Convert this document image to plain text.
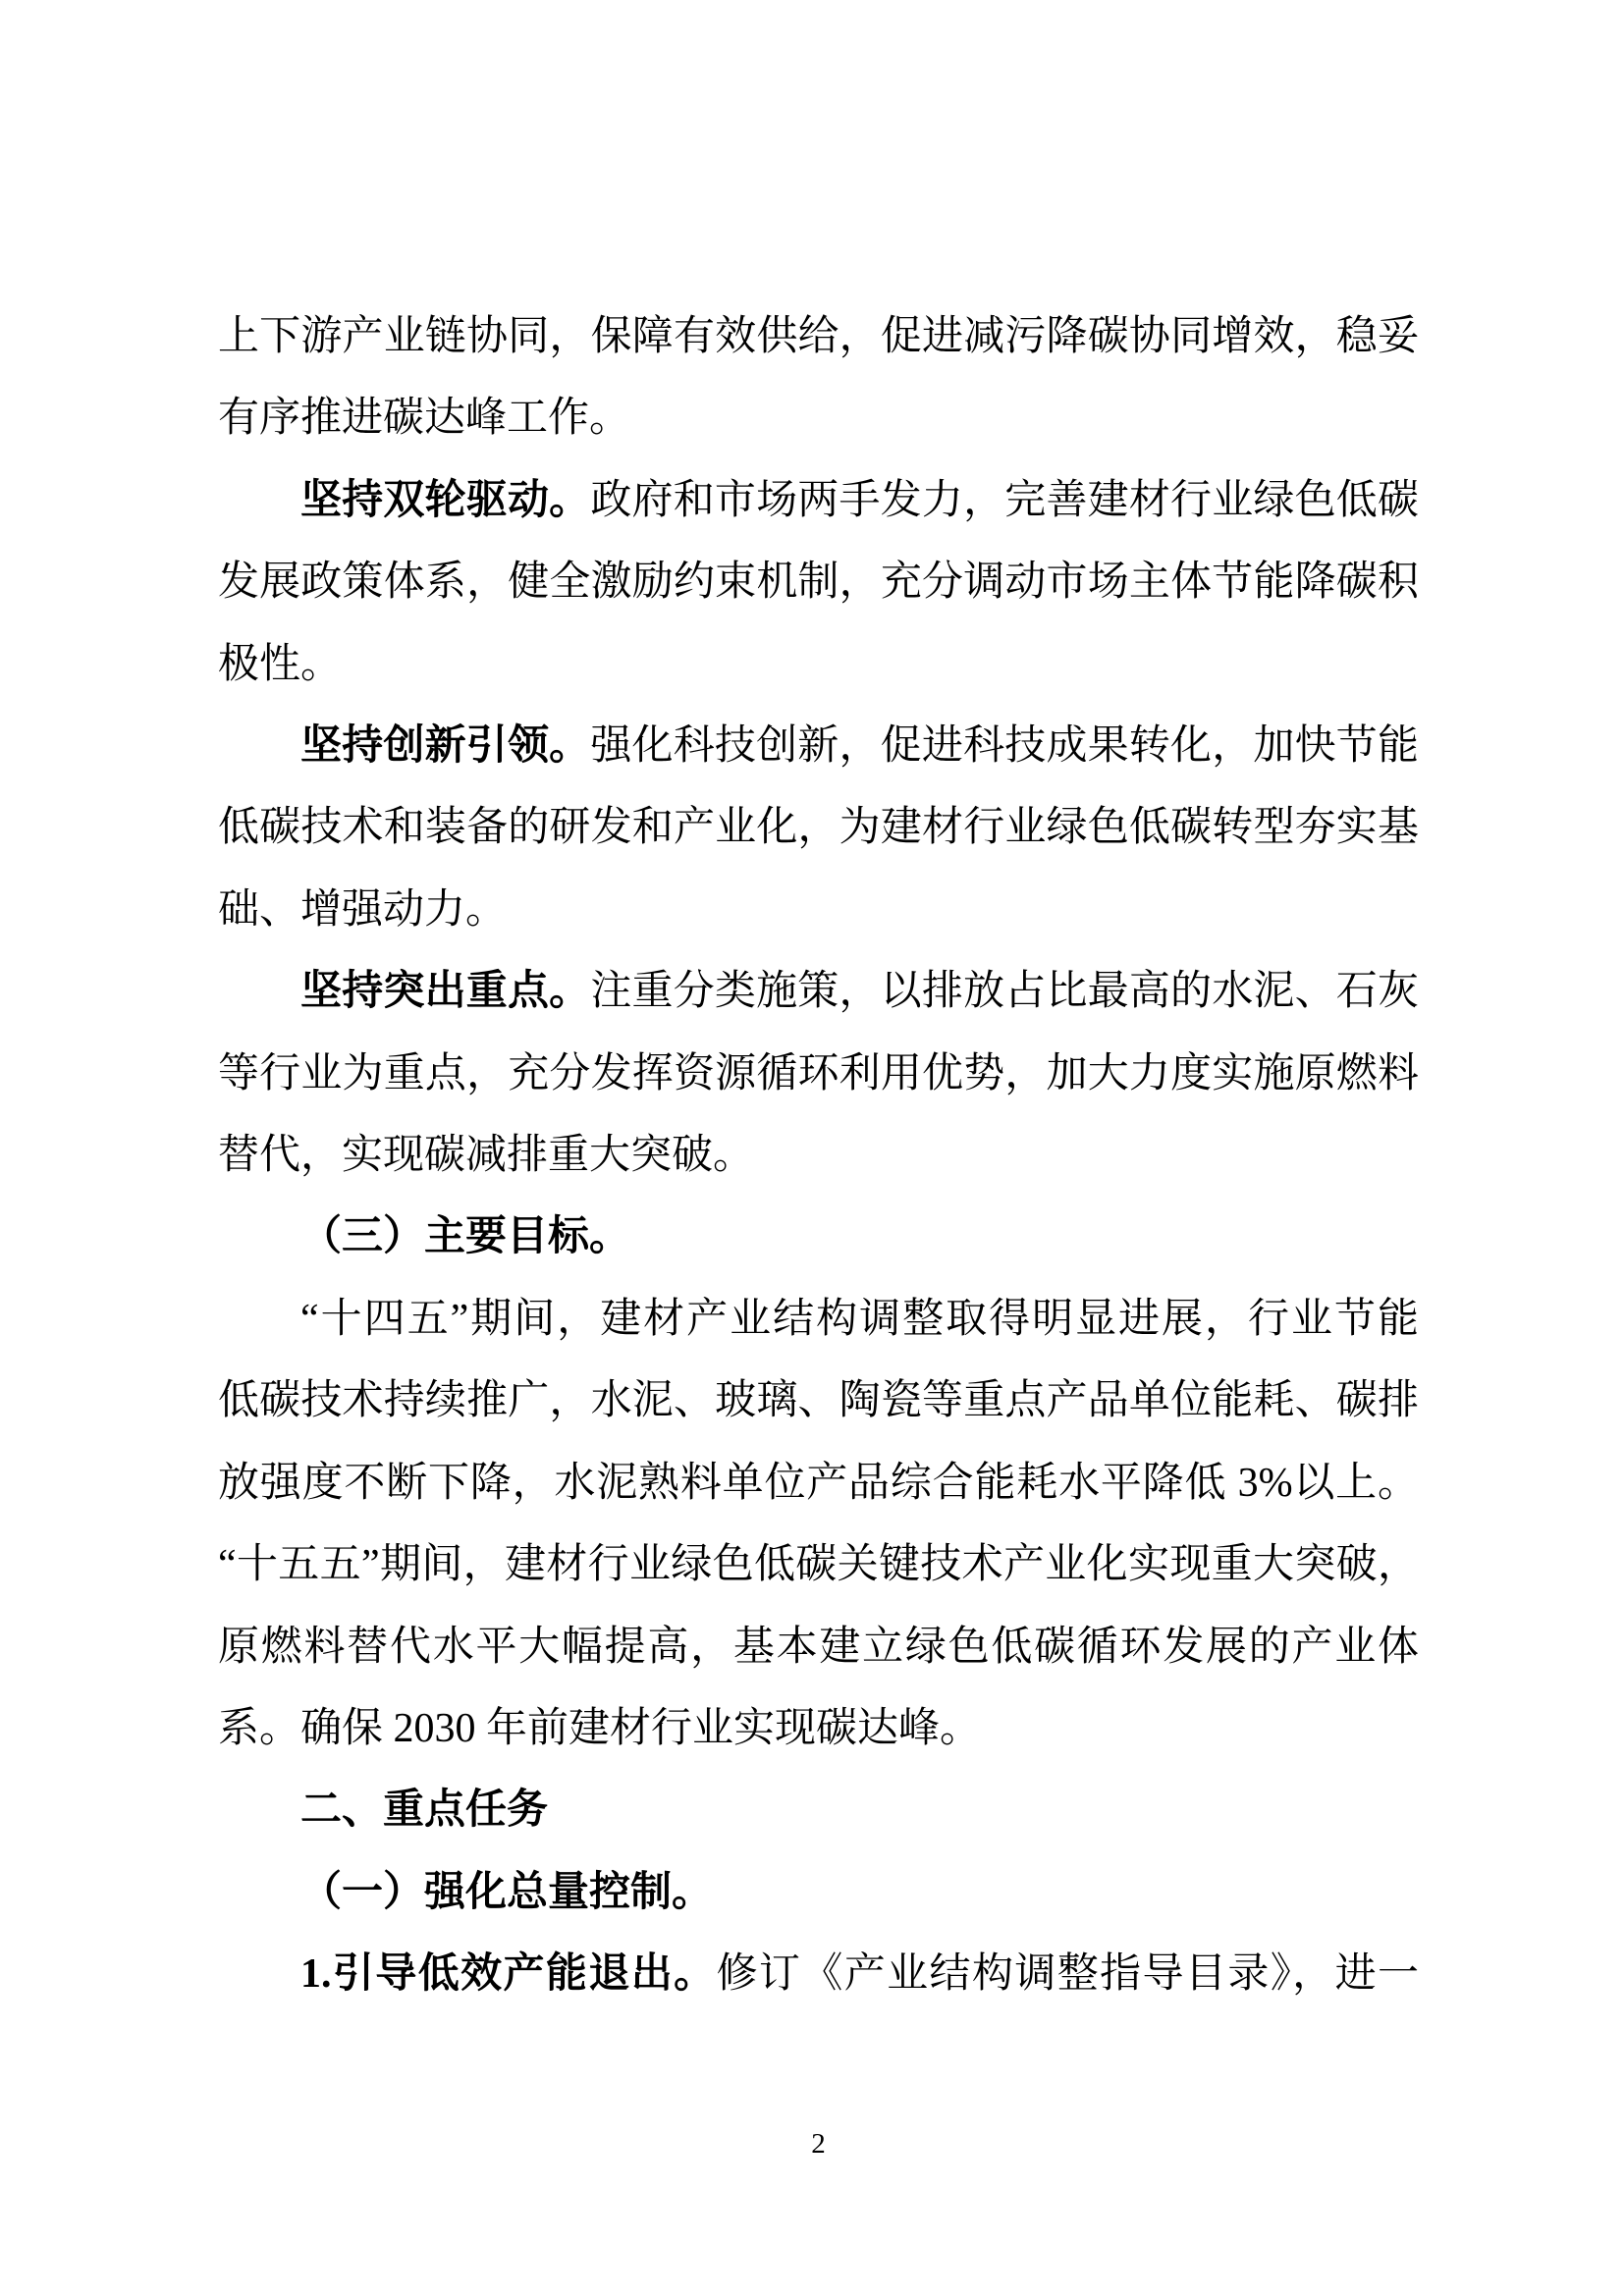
上下游产业链协同，保障有效供给，促进减污降碳协同增效，稳妥
有序推进碳达峰工作。
坚持双轮驱动。政府和市场两手发力，完善建材行业绿色低碳
发展政策体系，健全激励约束机制，充分调动市场主体节能降碳积
极性。
坚持创新引领。强化科技创新，促进科技成果转化，加快节能
低碳技术和装备的研发和产业化，为建材行业绿色低碳转型夯实基
础、增强动力。
坚持突出重点。注重分类施策，以排放占比最高的水泥、石灰
等行业为重点，充分发挥资源循环利用优势，加大力度实施原燃料
替代，实现碳减排重大突破。
（三）主要目标。
“十四五”期间，建材产业结构调整取得明显进展，行业节能
低碳技术持续推广，水泥、玻璃、陶瓷等重点产品单位能耗、碳排
放强度不断下降，水泥熟料单位产品综合能耗水平降低 3%以上。
“十五五”期间，建材行业绿色低碳关键技术产业化实现重大突破，
原燃料替代水平大幅提高，基本建立绿色低碳循环发展的产业体
系。确保 2030 年前建材行业实现碳达峰。
二、重点任务
（一）强化总量控制。
1.引导低效产能退出。修订《产业结构调整指导目录》，进一
2
